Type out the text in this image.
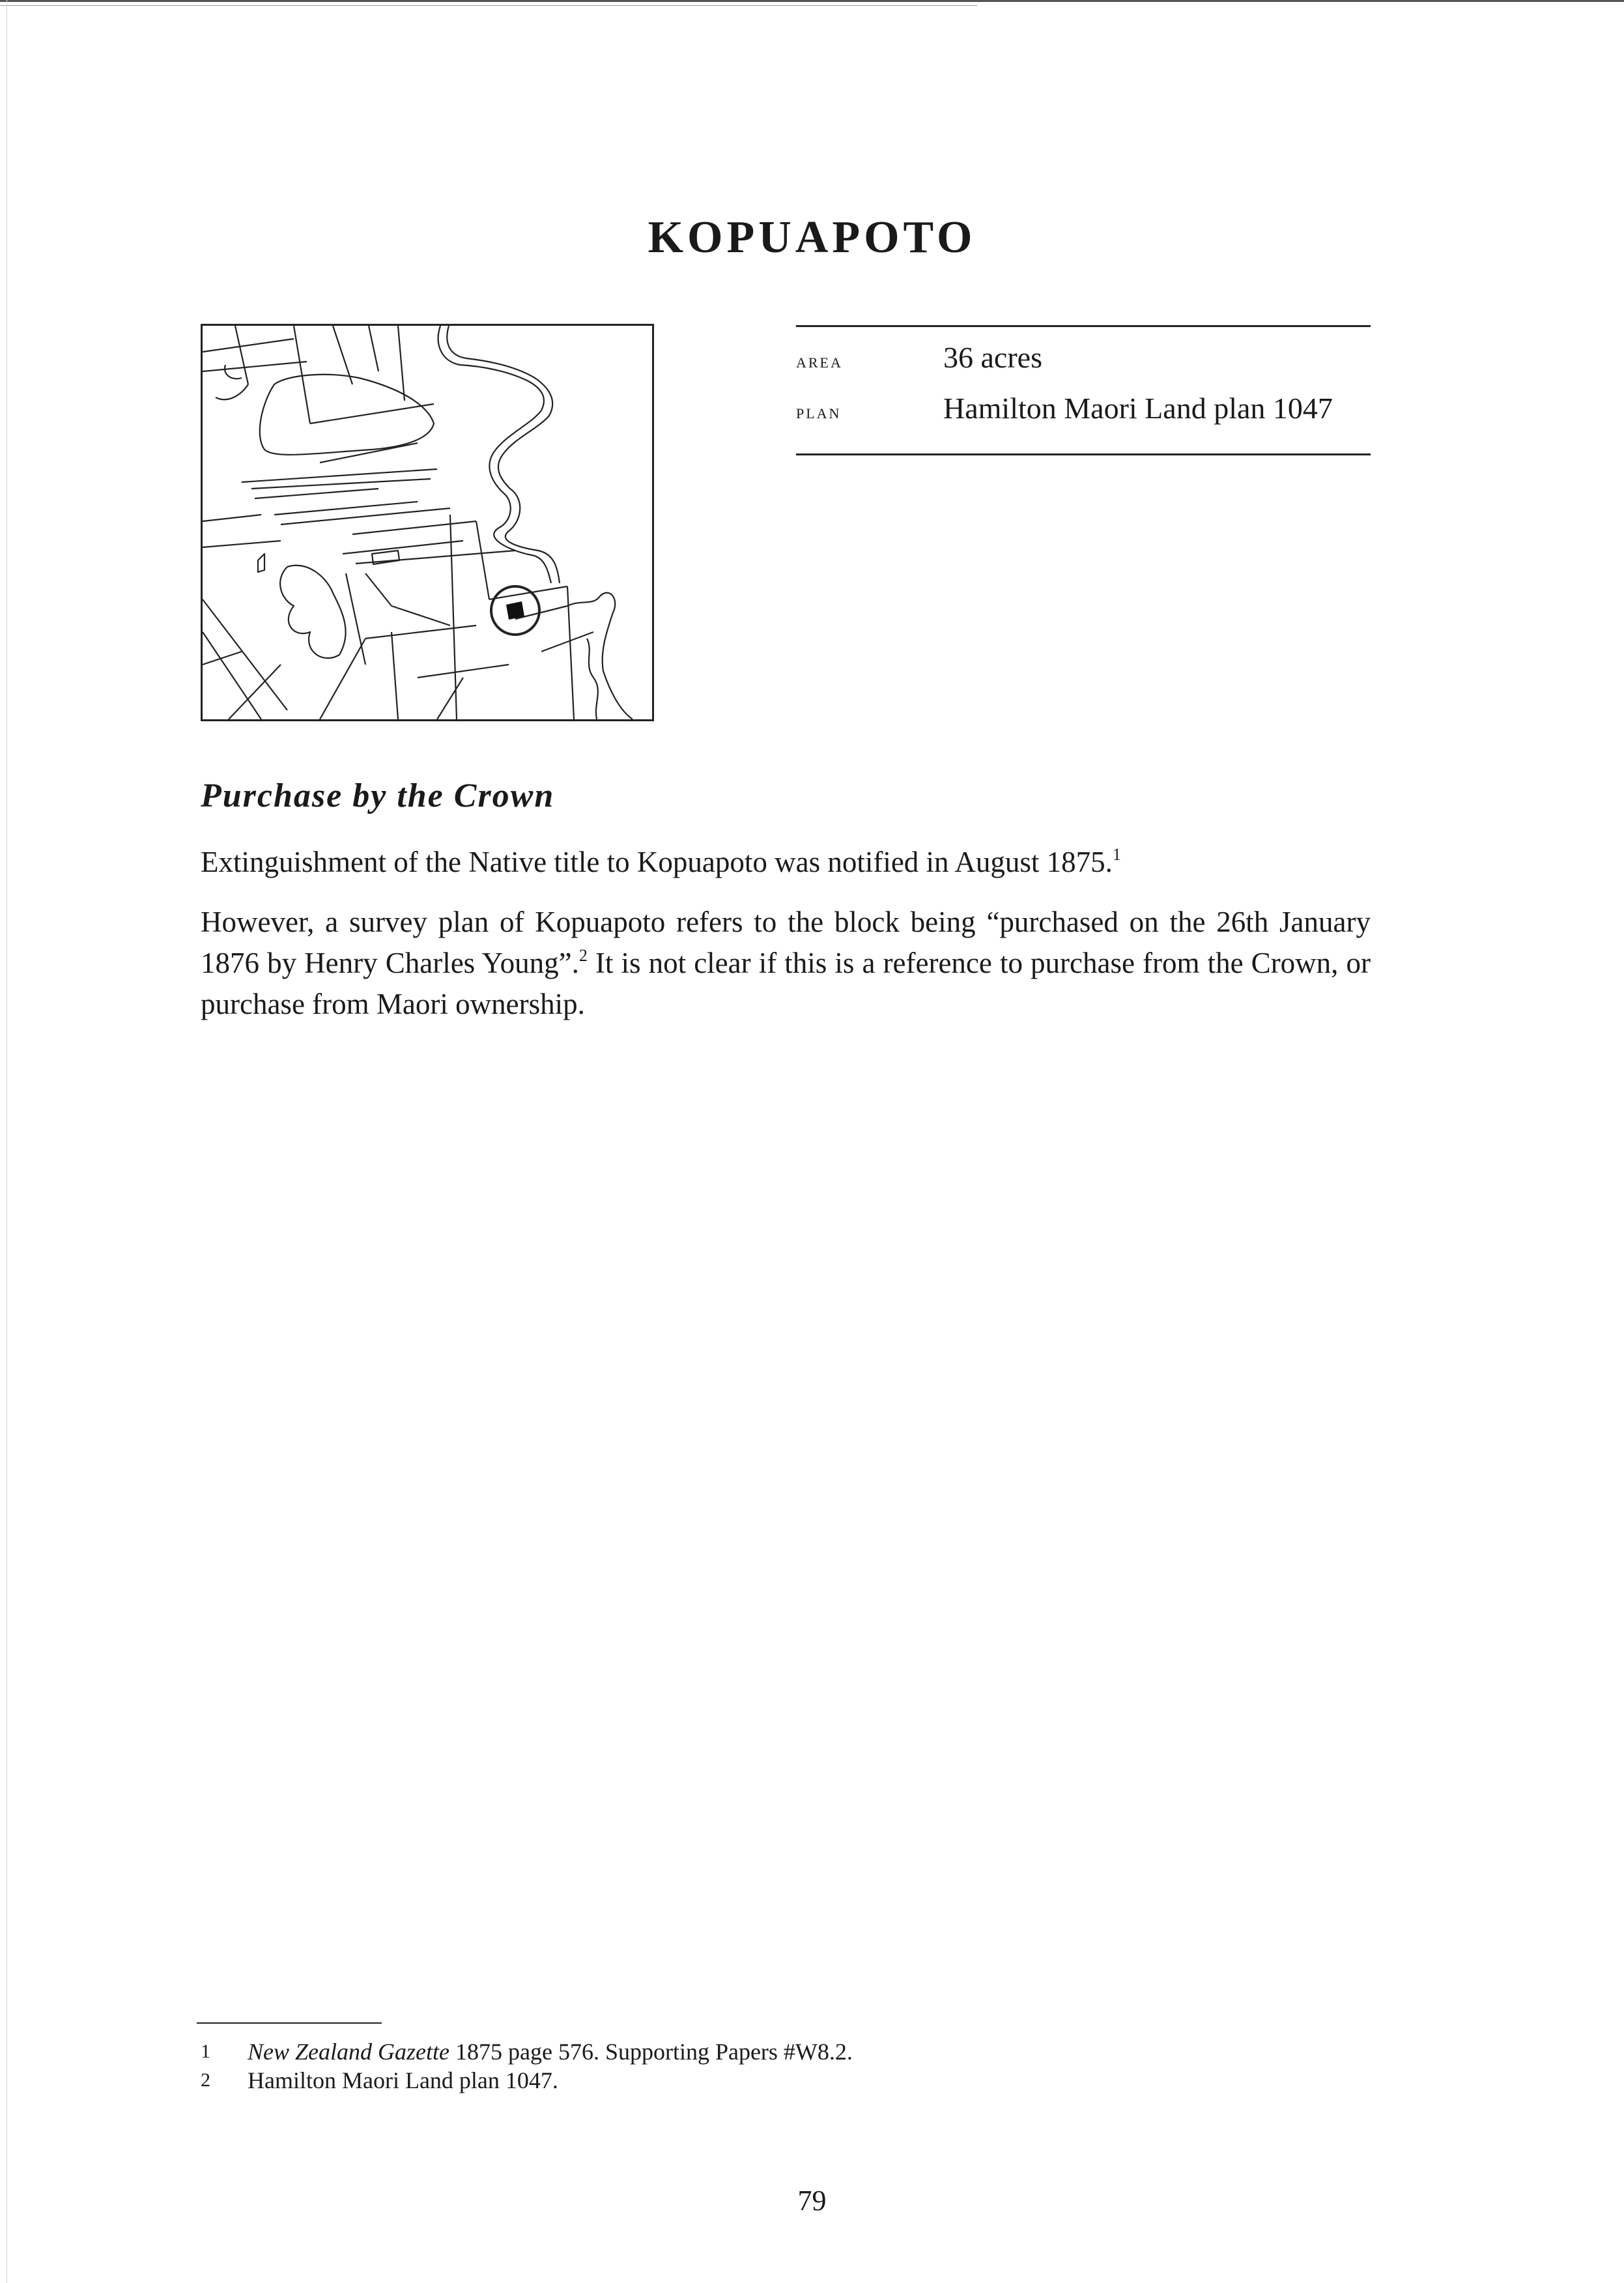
KOPUAPOTO
area	36 acres
plan	Hamilton Maori Land plan 1047
Purchase by the Crown

Extinguishment of the Native title to Kopuapoto was notified in August 1875.$^1$

However, a survey plan of Kopuapoto refers to the block being “purchased on the 26th January 1876 by Henry Charles Young”.$^2$ It is not clear if this is a reference to purchase from the Crown, or purchase from Maori ownership.

1	New Zealand Gazette 1875 page 576. Supporting Papers #W8.2.
2	Hamilton Maori Land plan 1047.
79
